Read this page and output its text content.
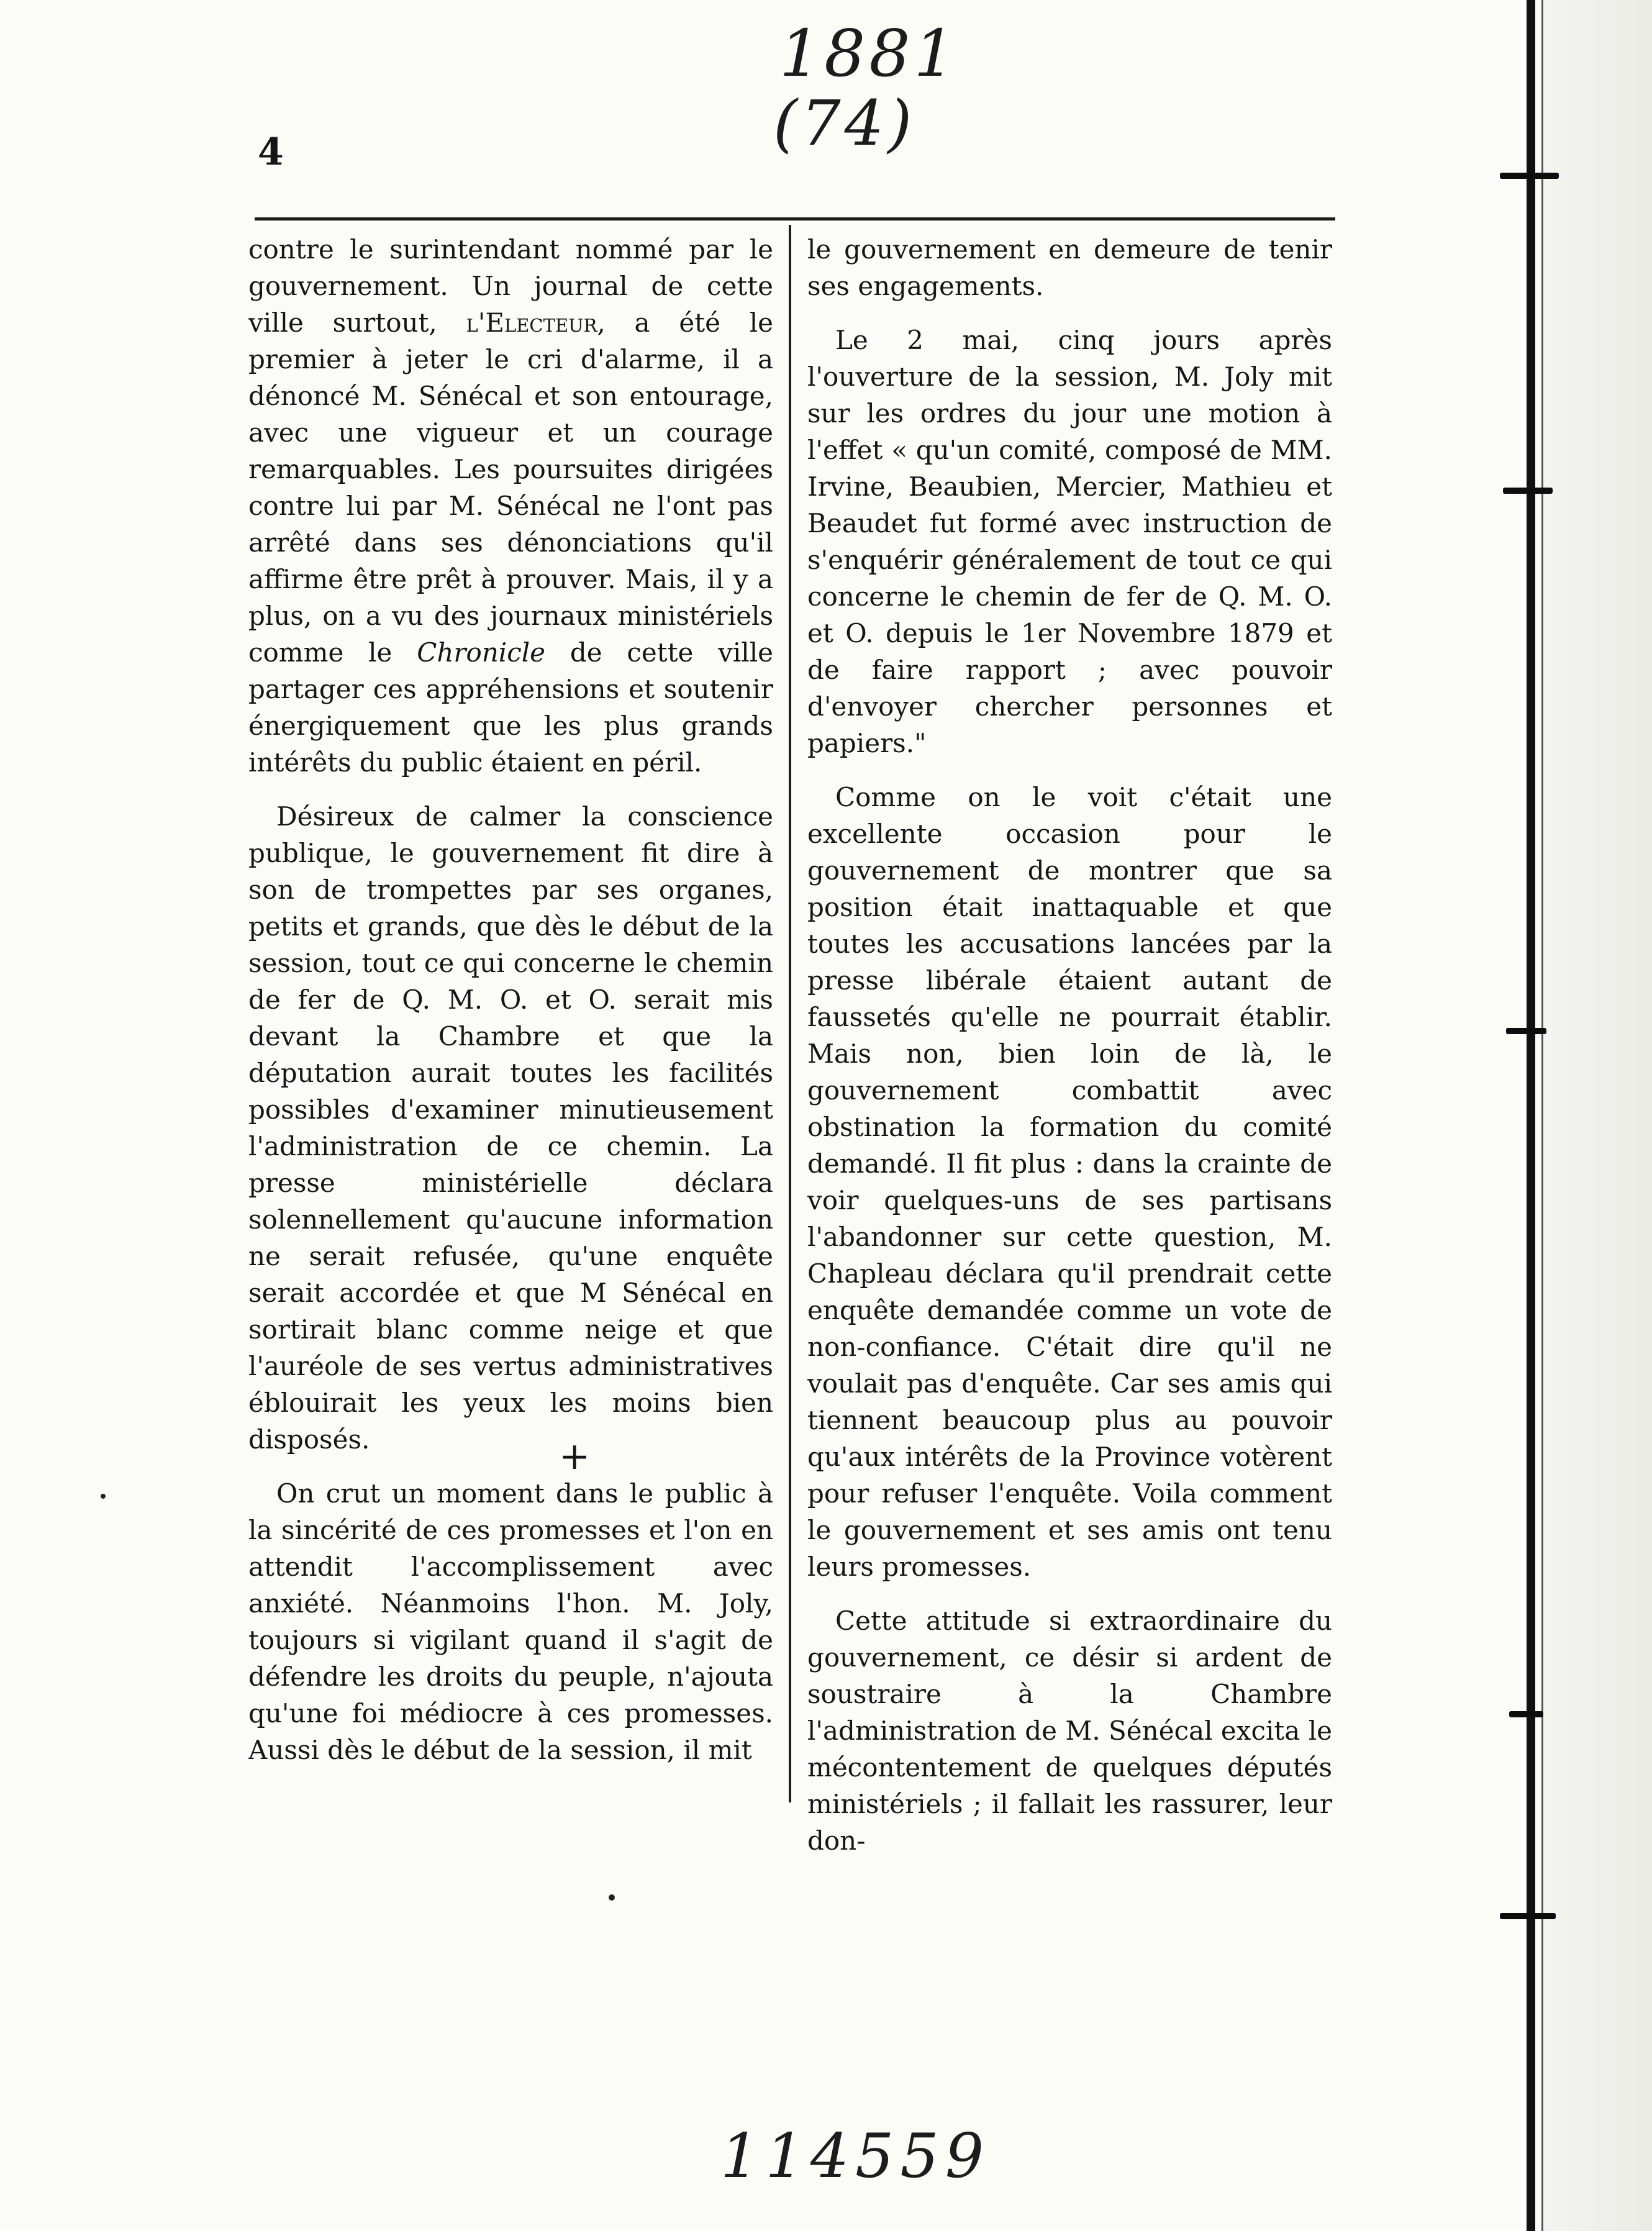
1881
(74)
4

contre le surintendant nommé par le gouvernement. Un journal de cette ville surtout, l'Electeur, a été le premier à jeter le cri d'alarme, il a dénoncé M. Sénécal et son entourage, avec une vigueur et un courage remarquables. Les poursuites dirigées contre lui par M. Sénécal ne l'ont pas arrêté dans ses dénonciations qu'il affirme être prêt à prouver. Mais, il y a plus, on a vu des journaux ministériels comme le Chronicle de cette ville partager ces appréhensions et soutenir énergiquement que les plus grands intérêts du public étaient en péril.

Désireux de calmer la conscience publique, le gouvernement fit dire à son de trompettes par ses organes, petits et grands, que dès le début de la session, tout ce qui concerne le chemin de fer de Q. M. O. et O. serait mis devant la Chambre et que la députation aurait toutes les facilités possibles d'examiner minutieusement l'administration de ce chemin. La presse ministérielle déclara solennellement qu'aucune information ne serait refusée, qu'une enquête serait accordée et que M Sénécal en sortirait blanc comme neige et que l'auréole de ses vertus administratives éblouirait les yeux les moins bien disposés.

On crut un moment dans le public à la sincérité de ces promesses et l'on en attendit l'accomplissement avec anxiété. Néanmoins l'hon. M. Joly, toujours si vigilant quand il s'agit de défendre les droits du peuple, n'ajouta qu'une foi médiocre à ces promesses. Aussi dès le début de la session, il mit

le gouvernement en demeure de tenir ses engagements.

Le 2 mai, cinq jours après l'ouverture de la session, M. Joly mit sur les ordres du jour une motion à l'effet « qu'un comité, composé de MM. Irvine, Beaubien, Mercier, Mathieu et Beaudet fut formé avec instruction de s'enquérir généralement de tout ce qui concerne le chemin de fer de Q. M. O. et O. depuis le 1er Novembre 1879 et de faire rapport ; avec pouvoir d'envoyer chercher personnes et papiers."

Comme on le voit c'était une excellente occasion pour le gouvernement de montrer que sa position était inattaquable et que toutes les accusations lancées par la presse libérale étaient autant de faussetés qu'elle ne pourrait établir. Mais non, bien loin de là, le gouvernement combattit avec obstination la formation du comité demandé. Il fit plus : dans la crainte de voir quelques-uns de ses partisans l'abandonner sur cette question, M. Chapleau déclara qu'il prendrait cette enquête demandée comme un vote de non-confiance. C'était dire qu'il ne voulait pas d'enquête. Car ses amis qui tiennent beaucoup plus au pouvoir qu'aux intérêts de la Province votèrent pour refuser l'enquête. Voila comment le gouvernement et ses amis ont tenu leurs promesses.

Cette attitude si extraordinaire du gouvernement, ce désir si ardent de soustraire à la Chambre l'administration de M. Sénécal excita le mécontentement de quelques députés ministériels ; il fallait les rassurer, leur don-

+
114559
